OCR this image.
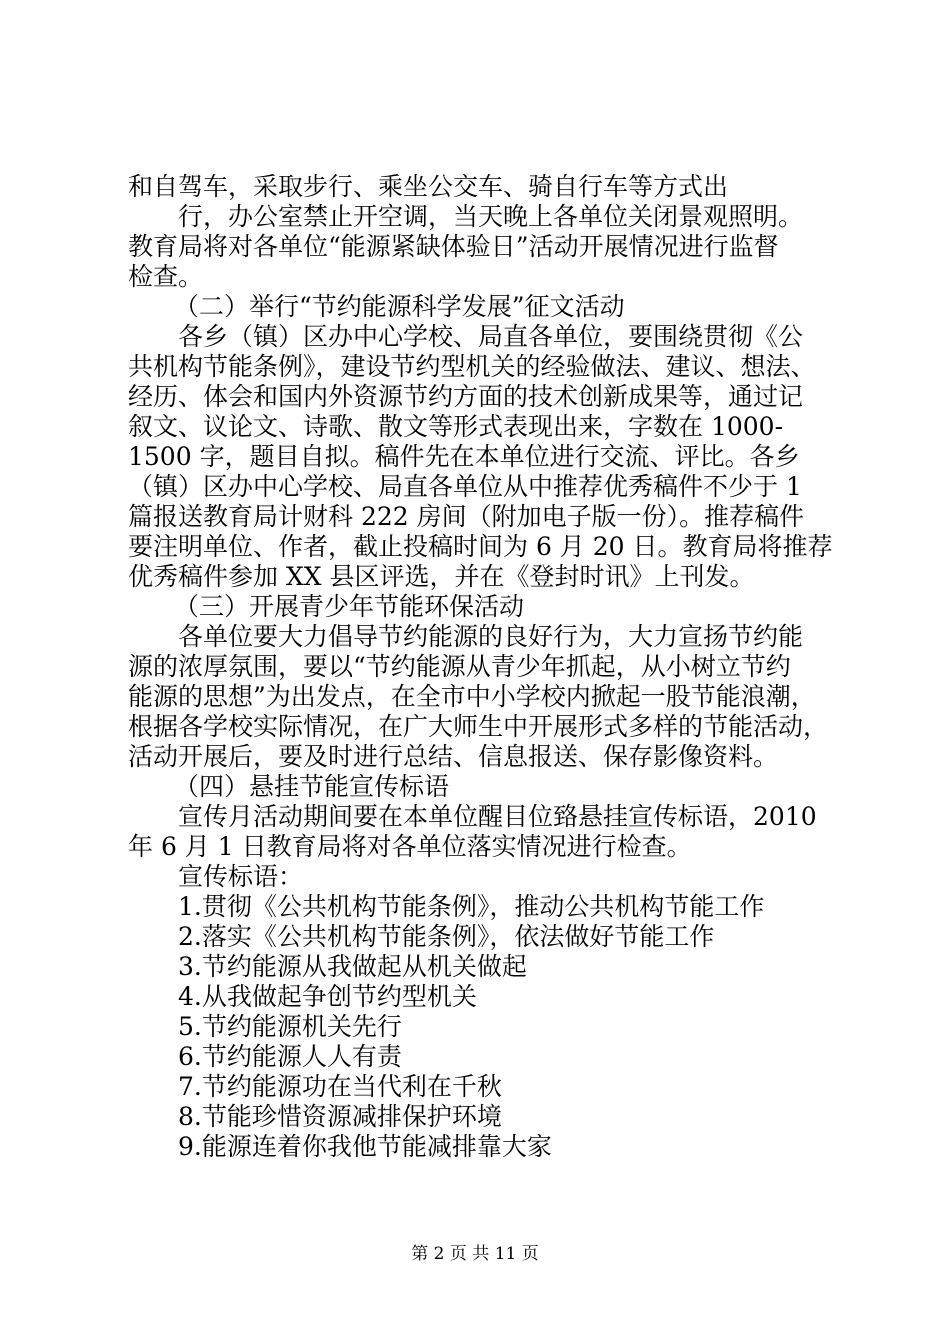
和自驾车，采取步行、乘坐公交车、骑自行车等方式出
行，办公室禁止开空调，当天晚上各单位关闭景观照明。
教育局将对各单位“能源紧缺体验日”活动开展情况进行监督
检查。
（二）举行“节约能源科学发展”征文活动
各乡（镇）区办中心学校、局直各单位，要围绕贯彻《公
共机构节能条例》，建设节约型机关的经验做法、建议、想法、
经历、体会和国内外资源节约方面的技术创新成果等，通过记
叙文、议论文、诗歌、散文等形式表现出来，字数在 1000-
1500 字，题目自拟。稿件先在本单位进行交流、评比。各乡
（镇）区办中心学校、局直各单位从中推荐优秀稿件不少于 1
篇报送教育局计财科 222 房间（附加电子版一份）。推荐稿件
要注明单位、作者，截止投稿时间为 6 月 20 日。教育局将推荐
优秀稿件参加 XX 县区评选，并在《登封时讯》上刊发。
（三）开展青少年节能环保活动
各单位要大力倡导节约能源的良好行为，大力宣扬节约能
源的浓厚氛围，要以“节约能源从青少年抓起，从小树立节约
能源的思想”为出发点，在全市中小学校内掀起一股节能浪潮，
根据各学校实际情况，在广大师生中开展形式多样的节能活动，
活动开展后，要及时进行总结、信息报送、保存影像资料。
（四）悬挂节能宣传标语
宣传月活动期间要在本单位醒目位臵悬挂宣传标语，2010
年 6 月 1 日教育局将对各单位落实情况进行检查。
宣传标语：
1.贯彻《公共机构节能条例》，推动公共机构节能工作
2.落实《公共机构节能条例》，依法做好节能工作
3.节约能源从我做起从机关做起
4.从我做起争创节约型机关
5.节约能源机关先行
6.节约能源人人有责
7.节约能源功在当代利在千秋
8.节能珍惜资源减排保护环境
9.能源连着你我他节能减排靠大家
第 2 页 共 11 页
